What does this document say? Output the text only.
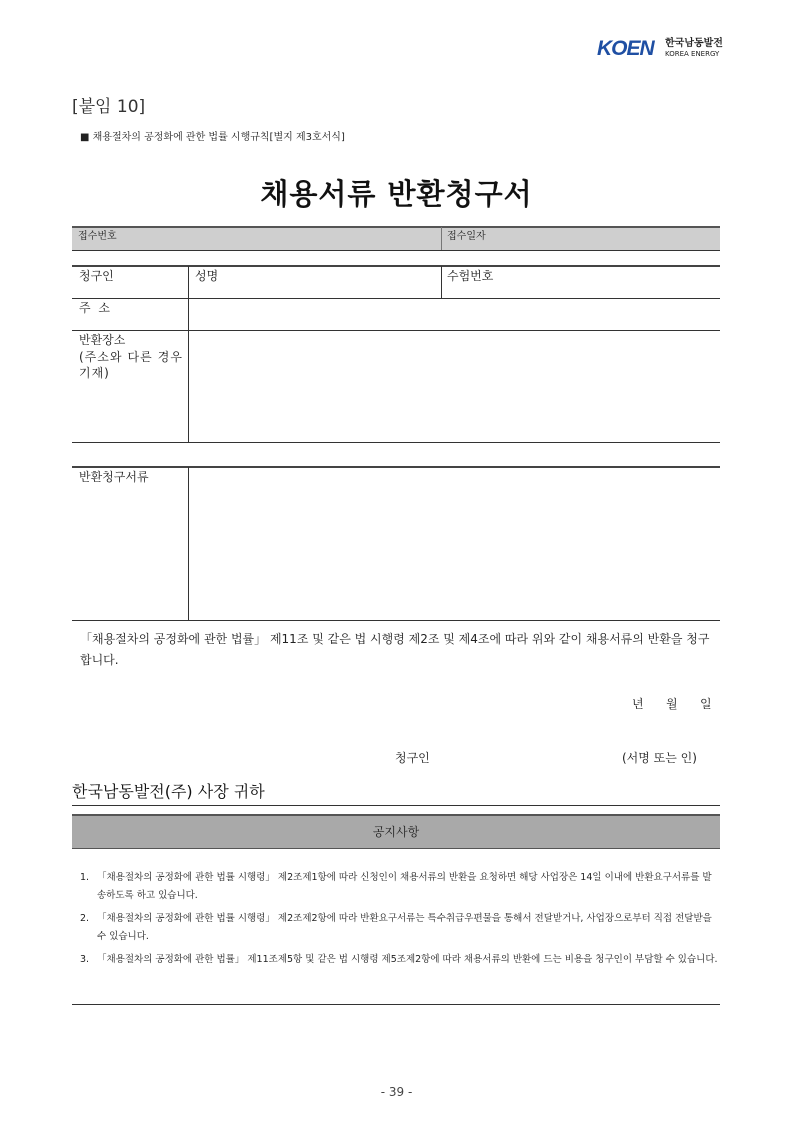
KOEN 한국남동발전
KOREA ENERGY
[붙임 10]
■ 채용절차의 공정화에 관한 법률 시행규칙[별지 제3호서식]
채용서류 반환청구서
접수번호	접수일자
청구인	성명	수험번호
주 소
반환장소
(주소와 다른 경우 기재)
반환청구서류
「채용절차의 공정화에 관한 법률」 제11조 및 같은 법 시행령 제2조 및 제4조에 따라 위와 같이 채용서류의 반환을 청구합니다.
년 월 일
청구인	(서명 또는 인)
한국남동발전(주) 사장 귀하
공지사항
1. 「채용절차의 공정화에 관한 법률 시행령」 제2조제1항에 따라 신청인이 채용서류의 반환을 요청하면 해당 사업장은 14일 이내에 반환요구서류를 발송하도록 하고 있습니다.
2. 「채용절차의 공정화에 관한 법률 시행령」 제2조제2항에 따라 반환요구서류는 특수취급우편물을 통해서 전달받거나, 사업장으로부터 직접 전달받을 수 있습니다.
3. 「채용절차의 공정화에 관한 법률」 제11조제5항 및 같은 법 시행령 제5조제2항에 따라 채용서류의 반환에 드는 비용을 청구인이 부담할 수 있습니다.
- 39 -
